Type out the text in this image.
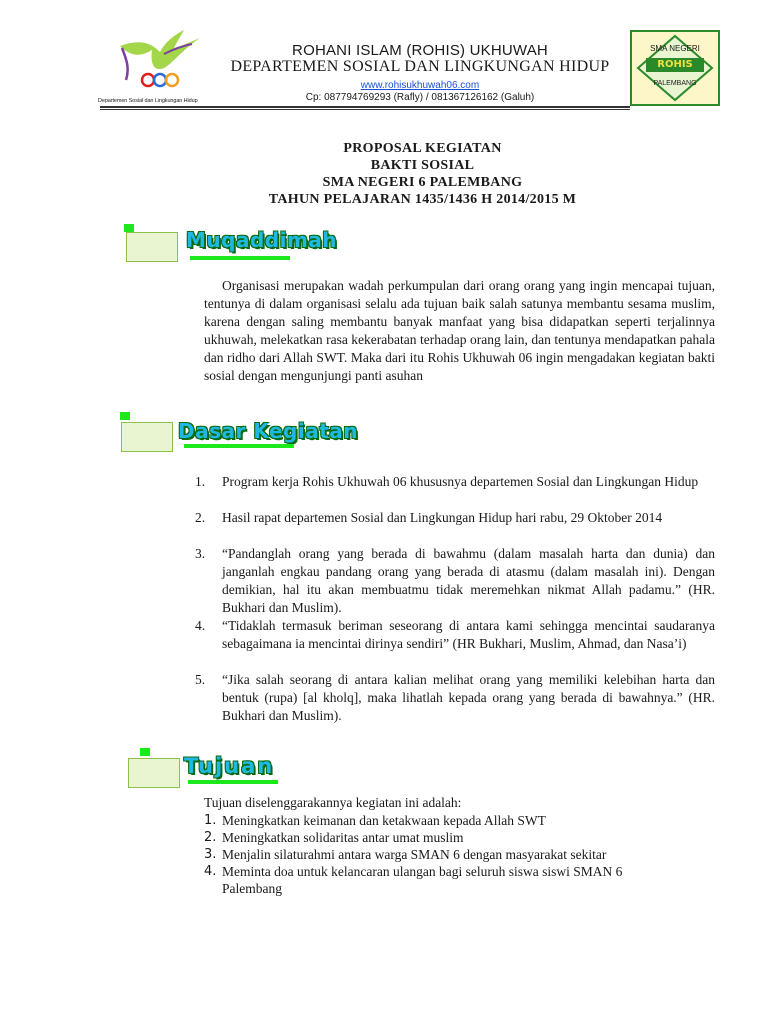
Departemen Sosial dan Lingkungan Hidup
ROHANI ISLAM (ROHIS) UKHUWAH
DEPARTEMEN SOSIAL DAN LINGKUNGAN HIDUP
www.rohisukhuwah06.com
Cp: 087794769293 (Rafly) / 081367126162 (Galuh)
SMA NEGERI
ROHIS
PALEMBANG
PROPOSAL KEGIATAN
BAKTI SOSIAL
SMA NEGERI 6 PALEMBANG
TAHUN PELAJARAN 1435/1436 H 2014/2015 M
Muqaddimah
Organisasi merupakan wadah perkumpulan dari orang orang yang ingin mencapai tujuan, tentunya di dalam organisasi selalu ada tujuan baik salah satunya membantu sesama muslim, karena dengan saling membantu banyak manfaat yang bisa didapatkan seperti terjalinnya ukhuwah, melekatkan rasa kekerabatan terhadap orang lain, dan tentunya mendapatkan pahala dan ridho dari Allah SWT. Maka dari itu Rohis Ukhuwah 06 ingin mengadakan kegiatan bakti sosial dengan mengunjungi panti asuhan
Dasar Kegiatan
1. Program kerja Rohis Ukhuwah 06 khususnya departemen Sosial dan Lingkungan Hidup
2. Hasil rapat departemen Sosial dan Lingkungan Hidup hari rabu, 29 Oktober 2014
3. “Pandanglah orang yang berada di bawahmu (dalam masalah harta dan dunia) dan janganlah engkau pandang orang yang berada di atasmu (dalam masalah ini). Dengan demikian, hal itu akan membuatmu tidak meremehkan nikmat Allah padamu.” (HR. Bukhari dan Muslim).
4. “Tidaklah termasuk beriman seseorang di antara kami sehingga mencintai saudaranya sebagaimana ia mencintai dirinya sendiri” (HR Bukhari, Muslim, Ahmad, dan Nasa’i)
5. “Jika salah seorang di antara kalian melihat orang yang memiliki kelebihan harta dan bentuk (rupa) [al kholq], maka lihatlah kepada orang yang berada di bawahnya.” (HR. Bukhari dan Muslim).
Tujuan
Tujuan diselenggarakannya kegiatan ini adalah:
1. Meningkatkan keimanan dan ketakwaan kepada Allah SWT
2. Meningkatkan solidaritas antar umat muslim
3. Menjalin silaturahmi antara warga SMAN 6 dengan masyarakat sekitar
4. Meminta doa untuk kelancaran ulangan bagi seluruh siswa siswi SMAN 6
Palembang
